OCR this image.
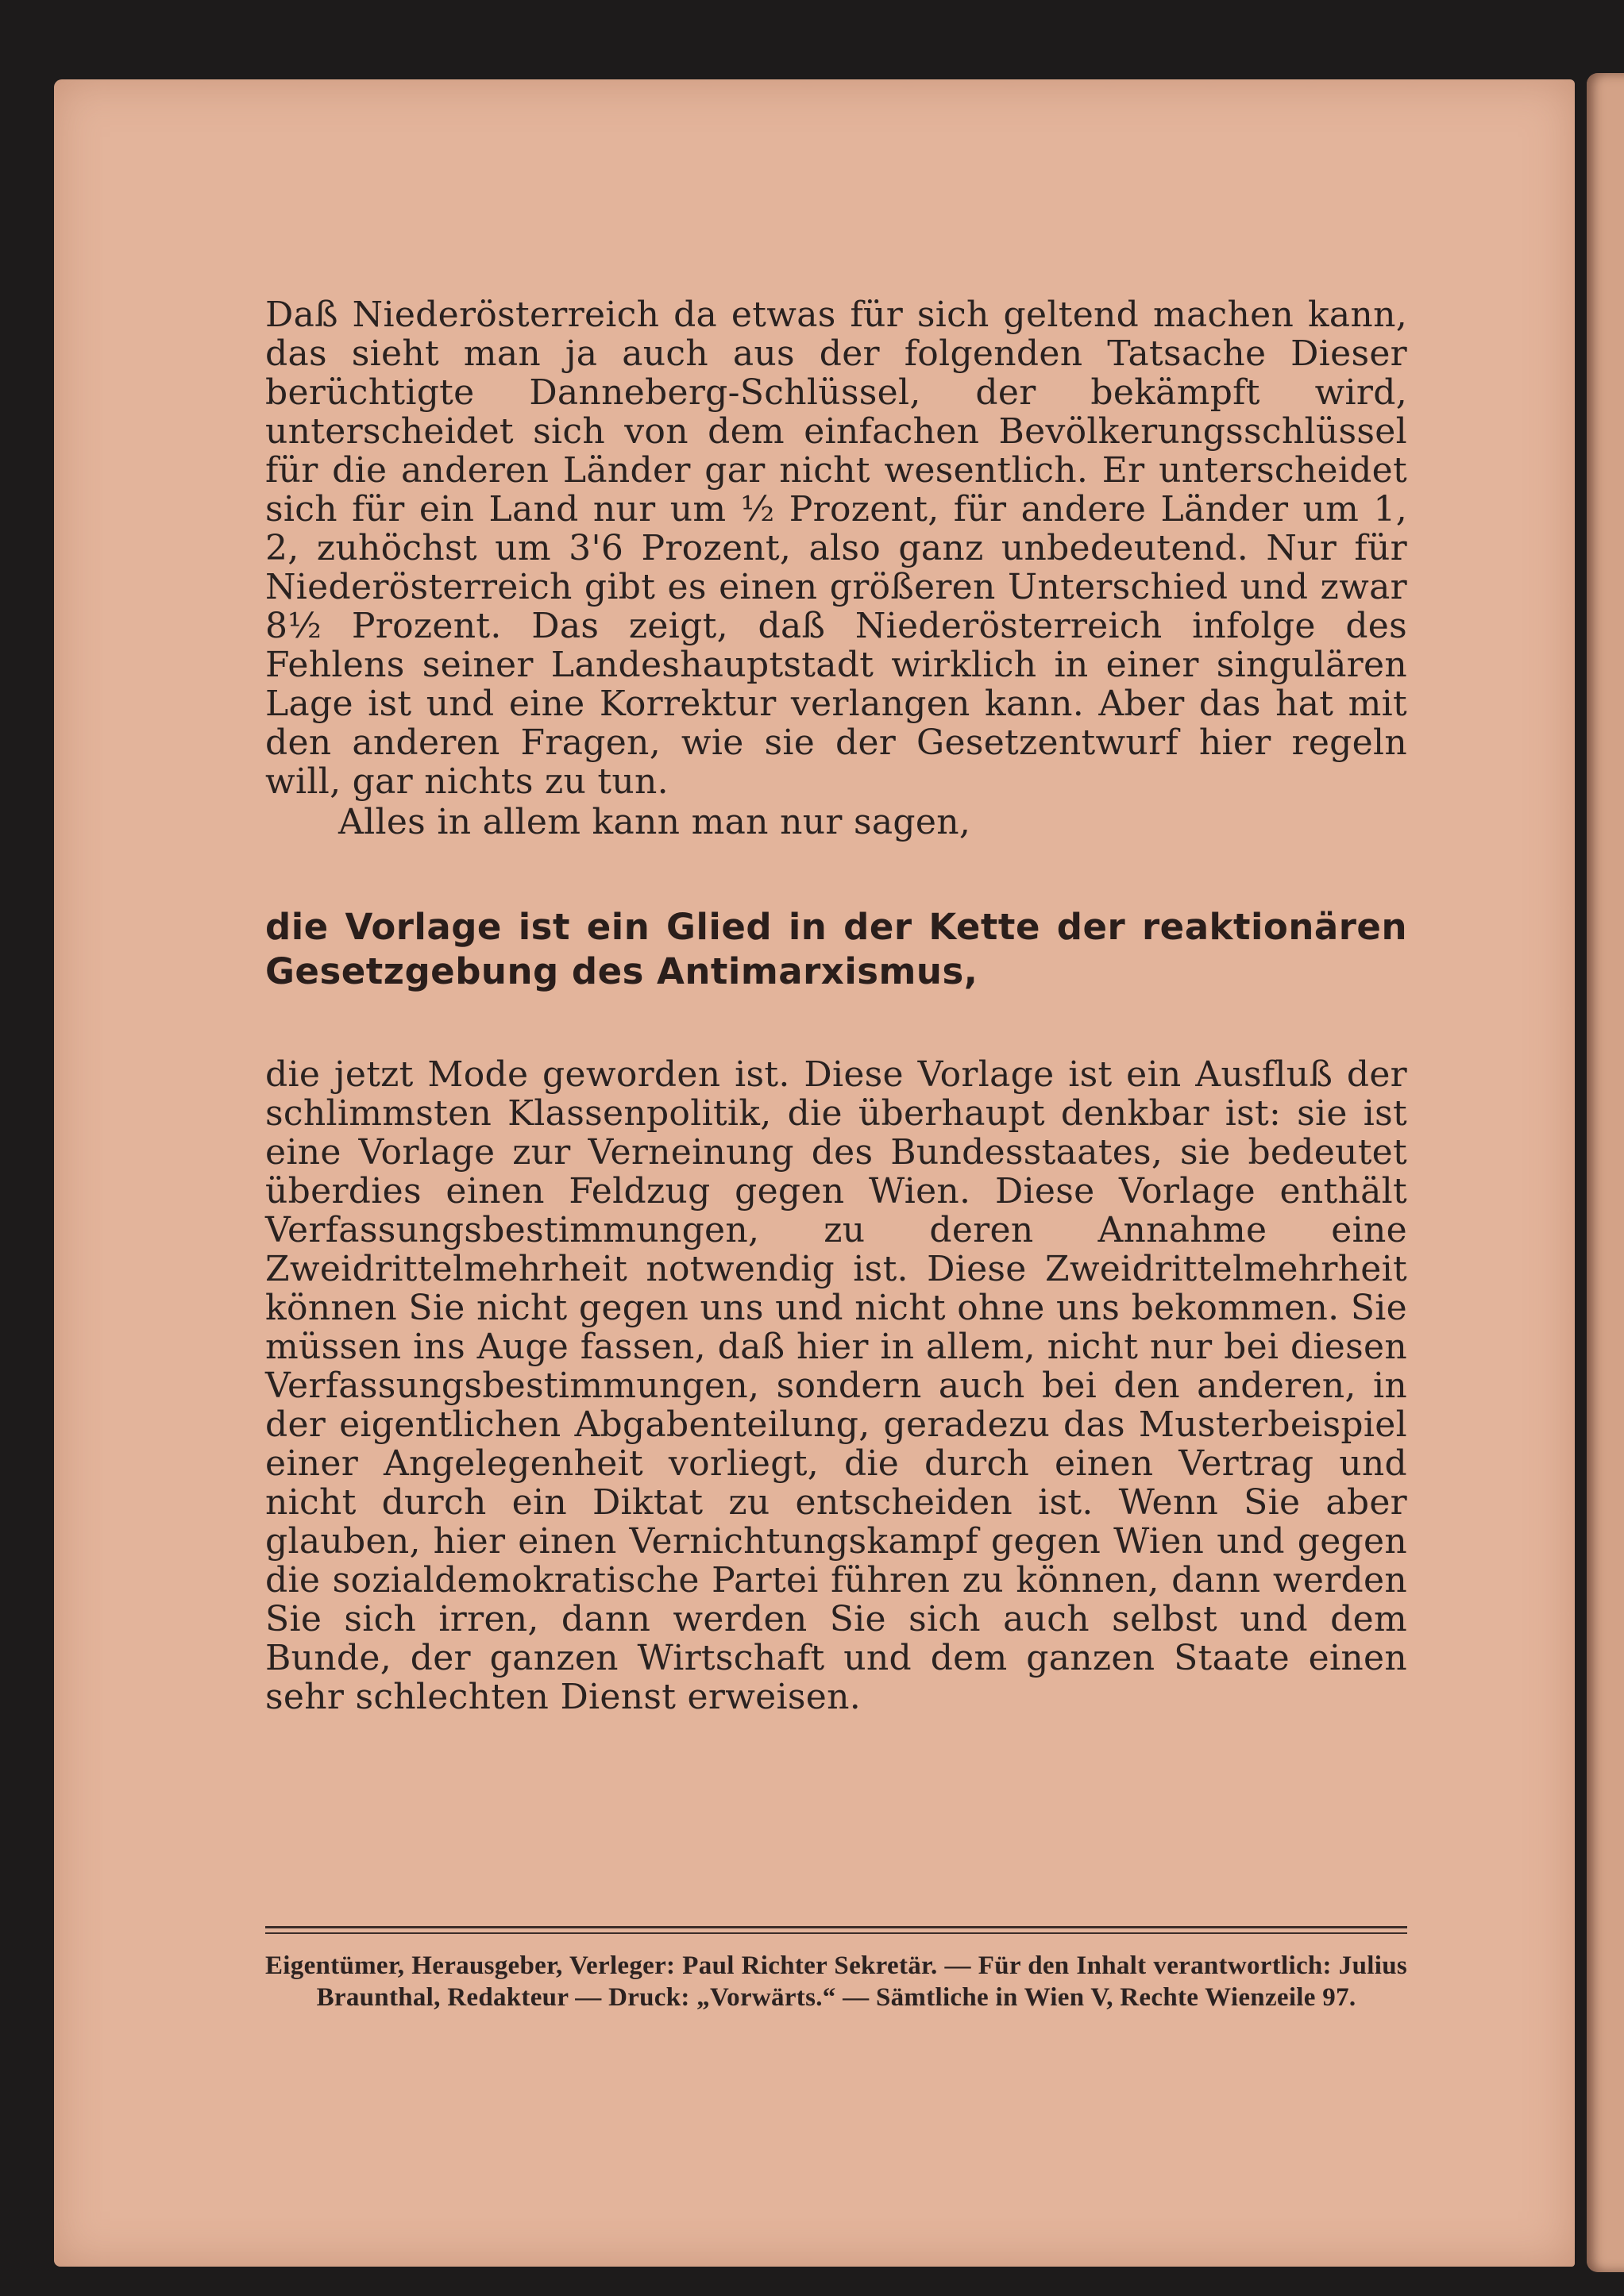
Daß Niederösterreich da etwas für sich geltend machen kann, das sieht man ja auch aus der folgenden Tatsache Dieser berüchtigte Danneberg-Schlüssel, der bekämpft wird, unterscheidet sich von dem einfachen Bevölkerungsschlüssel für die anderen Länder gar nicht wesentlich. Er unterscheidet sich für ein Land nur um ½ Prozent, für andere Länder um 1, 2, zuhöchst um 3'6 Prozent, also ganz unbedeutend. Nur für Niederösterreich gibt es einen größeren Unterschied und zwar 8½ Prozent. Das zeigt, daß Niederösterreich infolge des Fehlens seiner Landeshauptstadt wirklich in einer singulären Lage ist und eine Korrektur verlangen kann. Aber das hat mit den anderen Fragen, wie sie der Gesetzentwurf hier regeln will, gar nichts zu tun.

Alles in allem kann man nur sagen,

die Vorlage ist ein Glied in der Kette der reaktionären Gesetzgebung des Antimarxismus,

die jetzt Mode geworden ist. Diese Vorlage ist ein Ausfluß der schlimmsten Klassenpolitik, die überhaupt denkbar ist: sie ist eine Vorlage zur Verneinung des Bundesstaates, sie bedeutet überdies einen Feldzug gegen Wien. Diese Vorlage enthält Verfassungsbestimmungen, zu deren Annahme eine Zweidrittelmehrheit notwendig ist. Diese Zweidrittelmehrheit können Sie nicht gegen uns und nicht ohne uns bekommen. Sie müssen ins Auge fassen, daß hier in allem, nicht nur bei diesen Verfassungsbestimmungen, sondern auch bei den anderen, in der eigentlichen Abgabenteilung, geradezu das Musterbeispiel einer Angelegenheit vorliegt, die durch einen Vertrag und nicht durch ein Diktat zu entscheiden ist. Wenn Sie aber glauben, hier einen Vernichtungskampf gegen Wien und gegen die sozialdemokratische Partei führen zu können, dann werden Sie sich irren, dann werden Sie sich auch selbst und dem Bunde, der ganzen Wirtschaft und dem ganzen Staate einen sehr schlechten Dienst erweisen.

Eigentümer, Herausgeber, Verleger: Paul Richter Sekretär. — Für den Inhalt verantwortlich: Julius Braunthal, Redakteur — Druck: „Vorwärts.“ — Sämtliche in Wien V, Rechte Wienzeile 97.
